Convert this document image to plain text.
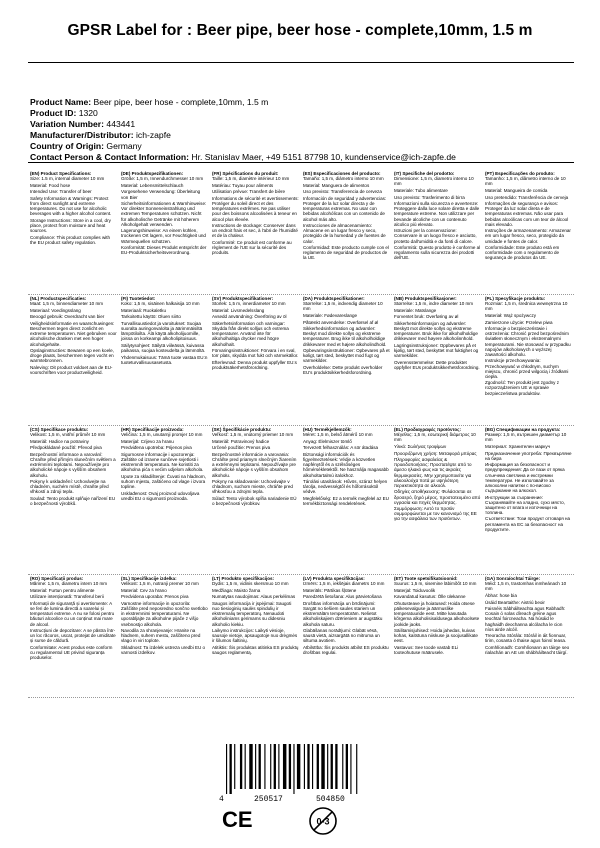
GPSR Label for : Beer pipe, beer hose - complete,10mm, 1.5 m
Product Name: Beer pipe, beer hose - complete,10mm, 1.5 m
Product ID: 1320
Variation Number: 443441
Manufacturer/Distributor: ich-zapfe
Country of Origin: Germany
Contact Person & Contact Information: Hr. Stanislav Maer, +49 5151 87798 10, kundenservice@ich-zapfe.de
(EN) Product Specifications:

Size: 1.5 m, internal diameter 10 mm

Material: Food hose

Intended Use: Transfer of beer

Safety Information & Warnings: Protect from direct sunlight and extreme temperatures. Do not use for alcoholic beverages with a higher alcohol content.

Storage Instructions: Store in a cool, dry place, protect from moisture and heat sources.

Compliance: This product complies with the EU product safety regulation.

(DE) Produktspezifikationen:

Größe: 1,5 m, Innendurchmesser 10 mm

Material: Lebensmittelschlauch

Vorgesehene Verwendung: Überleitung von Bier

Sicherheitsinformationen & Warnhinweise: Vor direkter Sonneneinstrahlung und extremen Temperaturen schützen. Nicht für alkoholische Getränke mit höherem Alkoholgehalt verwenden.

Lagerungshinweise: An einem kühlen, trockenen Ort lagern, vor Feuchtigkeit und Wärmequellen schützen.

Konformität: Dieses Produkt entspricht der EU-Produktsicherheitsverordnung.

(FR) Spécifications du produit:

Taille: 1,5 m, diamètre intérieur 10 mm

Matériau: Tuyau pour aliments

Utilisation prévue: Transfert de bière

Informations de sécurité et avertissements: Protéger du soleil direct et des températures extrêmes. Ne pas utiliser pour des boissons alcoolisées à teneur en alcool plus élevée.

Instructions de stockage: Conserver dans un endroit frais et sec, à l'abri de l'humidité et de la chaleur.

Conformité: Ce produit est conforme au règlement de l'UE sur la sécurité des produits.

(ES) Especificaciones del producto:

Tamaño: 1,5 m, diámetro interno 10 mm

Material: Manguera de alimentos

Uso previsto: Transferencia de cerveza

Información de seguridad y advertencias: Proteger de la luz solar directa y de temperaturas extremas. No usar con bebidas alcohólicas con un contenido de alcohol más alto.

Instrucciones de almacenamiento: Almacene en un lugar fresco y seco, protegido de la humedad y de fuentes de calor.

Conformidad: Este producto cumple con el reglamento de seguridad de productos de la UE.

(IT) Specifiche del prodotto:

Dimensione: 1,5 m, diametro interno 10 mm

Materiale: Tubo alimentare

Uso previsto: Trasferimento di birra

Informazioni sulla sicurezza e avvertenze: Proteggere dalla luce solare diretta e dalle temperature estreme. Non utilizzare per bevande alcoliche con un contenuto alcolico più elevato.

Istruzioni per la conservazione: Conservare in un luogo fresco e asciutto, protetto dall'umidità e da fonti di calore.

Conformità: Questo prodotto è conforme al regolamento sulla sicurezza dei prodotti dell'UE.

(PT) Especificações do produto:

Tamanho: 1,5 m, diâmetro interno de 10 mm

Material: Mangueira de comida

Uso pretendido: Transferência de cerveja

Informações de segurança e avisos: Proteger da luz solar direta e de temperaturas extremas. Não usar para bebidas alcoólicas com um teor de álcool mais elevado.

Instruções de armazenamento: Armazenar em um lugar fresco, seco, protegido da umidade e fontes de calor.

Conformidade: Este produto está em conformidade com o regulamento de segurança de produtos da UE.

(NL) Productspecificaties:

Maat: 1,5 m, binnendiameter 10 mm

Materiaal: Voedingsslang

Beoogd gebruik: Overdracht van bier

Veiligheidsinformatie en waarschuwingen: Beschermen tegen direct zonlicht en extreme temperaturen. Niet gebruiken voor alcoholische dranken met een hoger alcoholgehalte.

Opslaginstructies: Bewaren op een koele, droge plaats, beschermen tegen vocht en warmtebronnen.

Naleving: Dit product voldoet aan de EU-voorschriften voor productveiligheid.

(FI) Tuotetiedot:

Koko: 1,5 m, sisäinen halkaisija 10 mm

Materiaali: Ruokaletku

Tarkoitettu käyttö: Oluen siirto

Turvallisuustiedot ja varoitukset: Suojaa suoralta auringonvalolta ja äärimmäisiltä lämpötiloilta. Älä käytä alkoholijuomille, joissa on korkeampi alkoholipitoisuus.

Säilytysohjeet: Säilytä viileässä, kuivassa paikassa, suojaa kosteudelta ja lämmöltä.

Yhdenmukaisuus: Tämä tuote vastaa EU:n tuoteturvallisuusasetusta.

(SV) Produktspecifikationer:

Storlek: 1,5 m, innerdiameter 10 mm

Material: Livsmedelsslang

Avsedd användning: Överföring av öl

Säkerhetsinformation och varningar: Skydda från direkt solljus och extrema temperaturer. Använd inte för alkoholhaltiga drycker med högre alkoholhalt.

Förvaringsinstruktioner: Förvara i en sval, torr plats, skydda mot fukt och värmekällor.

Efterlevnad: Denna produkt uppfyller EU:s produktsäkerhetsförordning.

(DA) Produktspecifikationer:

Størrelse: 1,5 m, indvendig diameter 10 mm

Materiale: Fødevareslange

Påtænkt anvendelse: Overførsel af øl

Sikkerhedsinformation og advarsler: Beskyt mod direkte sollys og ekstreme temperaturer. Brug ikke til alkoholholdige drikkevarer med et højere alkoholindhold.

Opbevaringsinstruktioner: Opbevares på et køligt, tørt sted, beskyttet mod fugt og varmekilder.

Overholdelse: Dette produkt overholder EU's produktsikkerhedsforordning.

(NB) Produktspesifikasjoner:

Størrelse: 1,5 m, indre diameter 10 mm

Materiale: Matslange

Forventet bruk: Overføring av øl

Sikkerhetsinformasjon og advarsler: Beskytt mot direkte sollys og ekstreme temperaturer. Bruk ikke for alkoholholdige drikkevarer med høyere alkoholinnhold.

Lagringsinstruksjoner: Oppbevares på et kjølig, tørt sted, beskyttet mot fuktighet og varmekilder.

Overensstemmelse: Dette produktet oppfyller EUs produktsikkerhetsforordning.

(PL) Specyfikacje produktu:

Rozmiar: 1,5 m, średnica wewnętrzna 10 mm

Materiał: Wąż spożywczy

Zamierzone użycie: Przelew piwa

Informacje o bezpieczeństwie i ostrzeżenia: Chronić przed bezpośrednim światłem słonecznym i ekstremalnymi temperaturami. Nie stosować w przypadku napojów alkoholowych o wyższej zawartości alkoholu.

Instrukcje przechowywania: Przechowywać w chłodnym, suchym miejscu, chronić przed wilgocią i źródłami ciepła.

Zgodność: Ten produkt jest zgodny z rozporządzeniem UE w sprawie bezpieczeństwa produktów.

(CS) Specifikace produktu:

Velikost: 1,5 m, vnitřní průměr 10 mm

Materiál: Hadice na potraviny

Předpokládané použití: Převod piva

Bezpečnostní informace a varování: Chraňte před přímým slunečním světlem a extrémními teplotami. Nepoužívejte pro alkoholické nápoje s vyšším obsahem alkoholu.

Pokyny k uskladnění: Uchovávejte na chladném, suchém místě, chraňte před vlhkostí a zdroji tepla.

Soulad: Tento produkt splňuje nařízení EU o bezpečnosti výrobků.

(HR) Specifikacije proizvoda:

Veličina: 1,5 m, unutarnji promjer 10 mm

Materijal: Crijevo za hranu

Predviđena upotreba: Prijenos piva

Sigurnosne informacije i upozorenja: Zaštitite od izravne sunčeve svjetlosti i ekstremnih temperatura. Ne koristiti za alkoholna pića s većim udjelom alkohola.

Upute za skladištenje: Čuvati na hladnom, suhom mjestu, zaštićeno od vlage i izvora topline.

Usklađenost: Ovaj proizvod udovoljava uredbi EU o sigurnosti proizvoda.

(SK) Špecifikácie produktu:

Veľkosť: 1,5 m, vnútorný priemer 10 mm

Materiál: Potravinový hadice

Určené použitie: Prenos piva

Bezpečnostné informácie a varovania: Chráňte pred priamym slnečným žiarením a extrémnymi teplotami. Nepoužívajte pre alkoholické nápoje s vyšším obsahom alkoholu.

Pokyny na skladovanie: Uchovávajte v chladnom, suchom mieste, chráňte pred vlhkosťou a zdrojmi tepla.

Súlad: Tento výrobok spĺňa nariadenie EÚ o bezpečnosti výrobkov.

(HU) Termékjellemzők:

Méret: 1,5 m, belső átmérő 10 mm

Anyag: Élelmiszer tömlő

Tervezett felhasználás: A sör átadása

Biztonsági információk és figyelmeztetések: Védje a közvetlen napfénytől és a szélsőséges hőmérsékletektől. Ne használja magasabb alkoholtartalmú italokhoz.

Tárolási utasítások: Hűvös, száraz helyen tárolja, nedvességtől és hőforrásoktól védve.

Megfelelőség: Ez a termék megfelel az EU termékbiztonsági rendeletének.

(EL) Προδιαγραφές προϊόντος:

Μέγεθος: 1,5 m, εσωτερική διάμετρος 10 mm

Υλικό: Σωλήνας τροφίμων

Προοριζόμενη χρήση: Μεταφορά μπύρας

Πληροφορίες ασφαλείας & προειδοποιήσεις: Προστατέψτε από το άμεσο ηλιακό φως και τις ακραίες θερμοκρασίες. Μην χρησιμοποιείτε για αλκοολούχα ποτά με υψηλότερη περιεκτικότητα σε αλκοόλ.

Οδηγίες αποθήκευσης: Φυλάσσεται σε δροσερό, ξηρό μέρος, προστατευμένο από υγρασία και πηγές θερμότητας.

Συμμόρφωση: Αυτό το προϊόν συμμορφώνεται με τον κανονισμό της ΕΕ για την ασφάλεια των προϊόντων.

(BG) Спецификации на продукта:

Размер: 1,5 m, вътрешен диаметър 10 mm

Материал: Хранителен маркуч

Предназначение употреба: Прехвърляне на бира

Информация за безопасност и предупреждения: Да се пази от пряка слънчева светлина и екстремни температури. Не използвайте за алкохолни напитки с по-високо съдържание на алкохол.

Инструкции за съхранение: Съхранявайте на хладно, сухо място, защитено от влага и източници на топлина.

Съответствие: Този продукт отговаря на регламента на ЕС за безопасност на продуктите.

(RO) Specificații produs:

Mărime: 1,5 m, diametru intern 10 mm

Material: Furtun pentru alimente

Utilizare intenționată: Transferul berii

Informații de siguranță și avertismente: A se feri de lumina directă a soarelui și temperaturi extreme. A nu se folosi pentru băuturi alcoolice cu un conținut mai mare de alcool.

Instrucțiuni de depozitare: A se păstra într-un loc răcoros, uscat, protejat de umiditate și surse de căldură.

Conformitate: Acest produs este conform cu regulamentul UE privind siguranța produselor.

(SL) Specifikacije izdelka:

Velikost: 1,5 m, notranji premer 10 mm

Material: Cev za hrano

Predvidena uporaba: Prenos piva

Varnostne informacije in opozorila: Zaščitite pred neposredno sončno svetlobo in ekstremnimi temperaturami. Ne uporabljajte za alkoholne pijače z višjo vsebnostjo alkohola.

Navodila za shranjevanje: Hranite na hladnem, suhem mestu, zaščiteno pred vlago in viri toplote.

Skladnost: Ta izdelek ustreza uredbi EU o varnosti izdelkov.

(LT) Produkto specifikacijos:

Dydis: 1,5 m, vidinis skersmuo 10 mm

Medžiaga: Maisto žarna

Numatytas naudojimas: Alaus perkėlimas

Saugos informacija ir įspėjimai: Saugoti nuo tiesioginių saulės spindulių ir ekstremalių temperatūrų. Nenaudoti alkoholiniams gėrimams su didesniu alkoholio kiekiu.

Laikymo instrukcijos: Laikyti vėsioje, sausoje vietoje, apsaugotoje nuo drėgmės ir šilumos šaltinių.

Atitiktis: Šis produktas atitinka ES produktų saugos reglamentą.

(LV) Produkta specifikācijas:

Izmērs: 1,5 m, iekšējais diametrs 10 mm

Materiāls: Pārtikas šļūtene

Paredzētā lietošana: Alus pārvietošana

Drošības informācija un brīdinājumi: Sargāt no tiešiem saules stariem un ekstremālām temperatūrām. Nelietot alkoholiskajiem dzērieniem ar augstāku alkohola saturu.

Glabāšanas norādījumi: Glabāt vēsā, sausā vietā, aizsargātā no mitruma un siltuma avotiem.

Atbilstība: Šis produkts atbilst ES produktu drošības regulai.

(ET) Toote spetsifikatsioonid:

Suurus: 1,5 m, sisemine läbimõõt 10 mm

Materjal: Toiduvoolik

Kavandatud kasutus: Õlle ülekanne

Ohutusteave ja hoiatused: Hoida otsese päikesevalguse ja äärmuslike temperatuuride eest. Mitte kasutada kõrgema alkoholisisaldusega alkohoolsete jookide jaoks.

Säilitamisjuhised: Hoida jahedas, kuivas kohas, kaitstuna niiskuse ja soojusallikate eest.

Vastavus: See toode vastab ELi tooteohutuse määrusele.

(GA) Sonraíochtaí Táirge:

Méid: 1,5 m, trastomhas inmheánach 10 mm

Ábhar: hose bia

Úsáid Beartaithe: Aistriú beoir

Faisnéis Sábháilteachta agus Rabhadh: Cosain ó solas díreach gréine agus teochtaí foircneacha. Ná húsáid le haghaidh deochanna alcólacha le cion níos airde alcóil.

Treoracha Stórála: Stóráil in áit fionnuar, tirim, cosanta ó thaise agus foinsí teasa.

Comhlíonadh: Comhlíonann an táirge seo rialachán an AE um shábháilteacht táirgí.

4	250517	504850
CE	0-3
